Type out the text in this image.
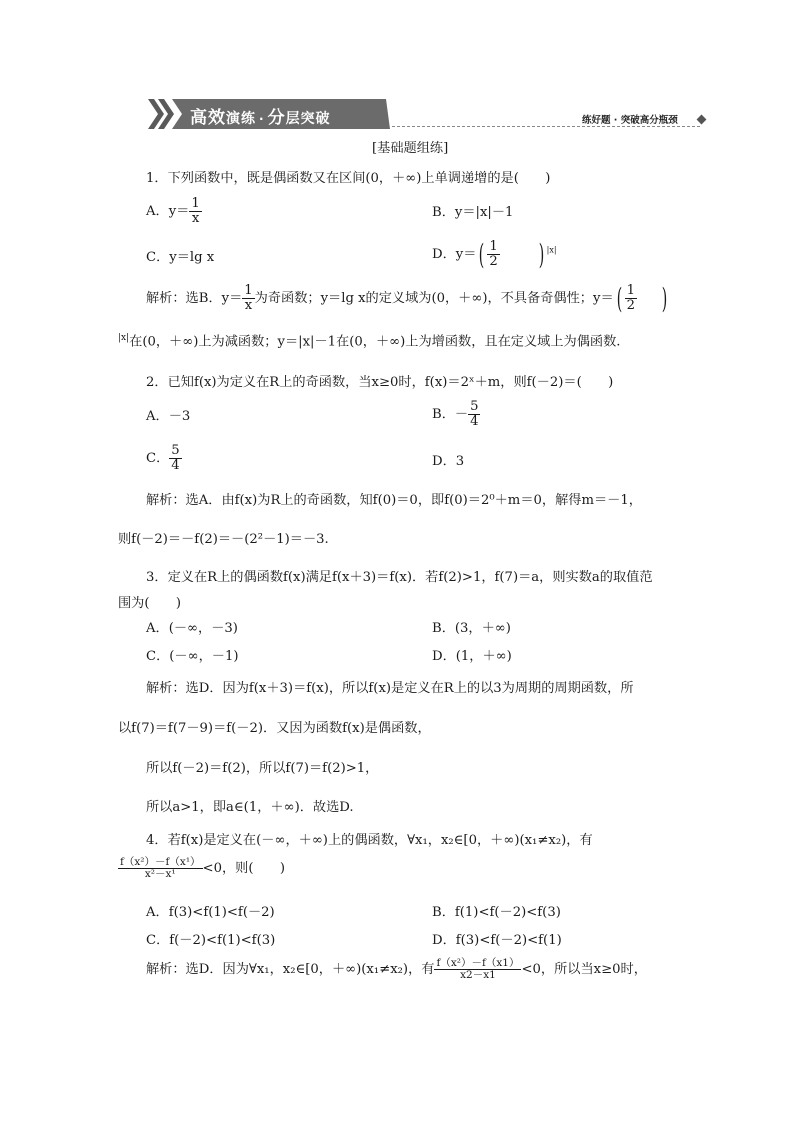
高效演练 · 分层突破	练好题 · 突破高分瓶颈
[基础题组练]
1．下列函数中，既是偶函数又在区间(0，＋∞)上单调递增的是(　　)
A．$y= \frac{1}{x}$	B．y＝|x|－1
C．y＝lg x	D．$y=( \frac{1}{2}$ ) $^{|x|}$
解析：选B．$y= \frac{1}{x}$ 为奇函数；y＝lg x的定义域为(0，＋∞)，不具备奇偶性；$y=( \frac{1}{2}$ )
$^{|x|}$在(0，＋∞)上为减函数；y＝|x|－1在(0，＋∞)上为增函数，且在定义域上为偶函数.
2．已知f(x)为定义在R上的奇函数，当x≥0时，f(x)＝2ˣ＋m，则f(－2)＝(　　)
A．－3	B．－ $\frac{5}{4}$
C． $\frac{5}{4}$	D．3
解析：选A．由f(x)为R上的奇函数，知f(0)＝0，即f(0)＝2⁰＋m＝0，解得m＝－1，
则f(－2)＝－f(2)＝－(2²－1)＝－3.
3．定义在R上的偶函数f(x)满足f(x＋3)＝f(x)．若f(2)>1，f(7)＝a，则实数a的取值范
围为(　　)
A．(－∞，－3)	B．(3，＋∞)
C．(－∞，－1)	D．(1，＋∞)
解析：选D．因为f(x＋3)＝f(x)，所以f(x)是定义在R上的以3为周期的周期函数，所
以f(7)＝f(7－9)＝f(－2)．又因为函数f(x)是偶函数，
所以f(－2)＝f(2)，所以f(7)＝f(2)>1，
所以a>1，即a∈(1，＋∞)．故选D.
4．若f(x)是定义在(－∞，＋∞)上的偶函数，∀x₁，x₂∈[0，＋∞)(x₁≠x₂)，有
$\frac{\text{f（x²）－f（x¹）}}{\text{x²－x¹}} <0$，则(　　)
A．f(3)<f(1)<f(－2)	B．f(1)<f(－2)<f(3)
C．f(－2)<f(1)<f(3)	D．f(3)<f(－2)<f(1)
解析：选D．因为∀x₁，x₂∈[0，＋∞)(x₁≠x₂)，有 $\frac{\text{f（x²）－f（x1）}}{x2-x1} <0$，所以当x≥0时，
